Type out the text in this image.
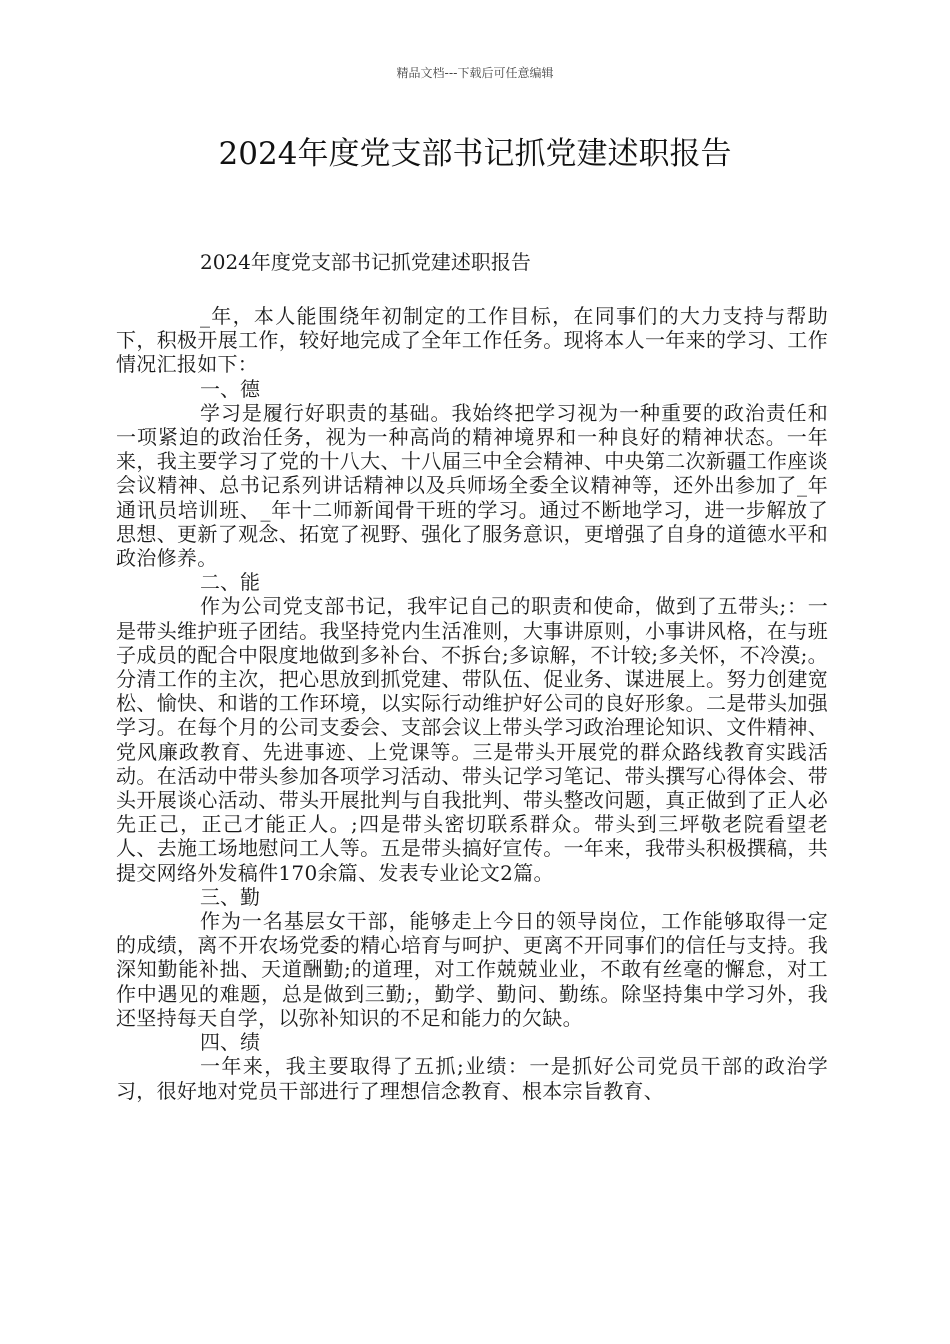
精品文档---下载后可任意编辑
2024年度党支部书记抓党建述职报告

2024年度党支部书记抓党建述职报告

_年，本人能围绕年初制定的工作目标，在同事们的大力支持与帮助下，积极开展工作，较好地完成了全年工作任务。现将本人一年来的学习、工作情况汇报如下：

一、德

学习是履行好职责的基础。我始终把学习视为一种重要的政治责任和一项紧迫的政治任务，视为一种高尚的精神境界和一种良好的精神状态。一年来，我主要学习了党的十八大、十八届三中全会精神、中央第二次新疆工作座谈会议精神、总书记系列讲话精神以及兵师场全委全议精神等，还外出参加了_年通讯员培训班、_年十二师新闻骨干班的学习。通过不断地学习，进一步解放了思想、更新了观念、拓宽了视野、强化了服务意识，更增强了自身的道德水平和政治修养。

二、能

作为公司党支部书记，我牢记自己的职责和使命，做到了五带头;：一是带头维护班子团结。我坚持党内生活准则，大事讲原则，小事讲风格，在与班子成员的配合中限度地做到多补台、不拆台;多谅解，不计较;多关怀，不冷漠;。分清工作的主次，把心思放到抓党建、带队伍、促业务、谋进展上。努力创建宽松、愉快、和谐的工作环境，以实际行动维护好公司的良好形象。二是带头加强学习。在每个月的公司支委会、支部会议上带头学习政治理论知识、文件精神、党风廉政教育、先进事迹、上党课等。三是带头开展党的群众路线教育实践活动。在活动中带头参加各项学习活动、带头记学习笔记、带头撰写心得体会、带头开展谈心活动、带头开展批判与自我批判、带头整改问题，真正做到了正人必先正己，正己才能正人。;四是带头密切联系群众。带头到三坪敬老院看望老人、去施工场地慰问工人等。五是带头搞好宣传。一年来，我带头积极撰稿，共提交网络外发稿件170余篇、发表专业论文2篇。

三、勤

作为一名基层女干部，能够走上今日的领导岗位，工作能够取得一定的成绩，离不开农场党委的精心培育与呵护、更离不开同事们的信任与支持。我深知勤能补拙、天道酬勤;的道理，对工作兢兢业业，不敢有丝毫的懈怠，对工作中遇见的难题，总是做到三勤;，勤学、勤问、勤练。除坚持集中学习外，我还坚持每天自学，以弥补知识的不足和能力的欠缺。

四、绩

一年来，我主要取得了五抓;业绩：一是抓好公司党员干部的政治学习，很好地对党员干部进行了理想信念教育、根本宗旨教育、
